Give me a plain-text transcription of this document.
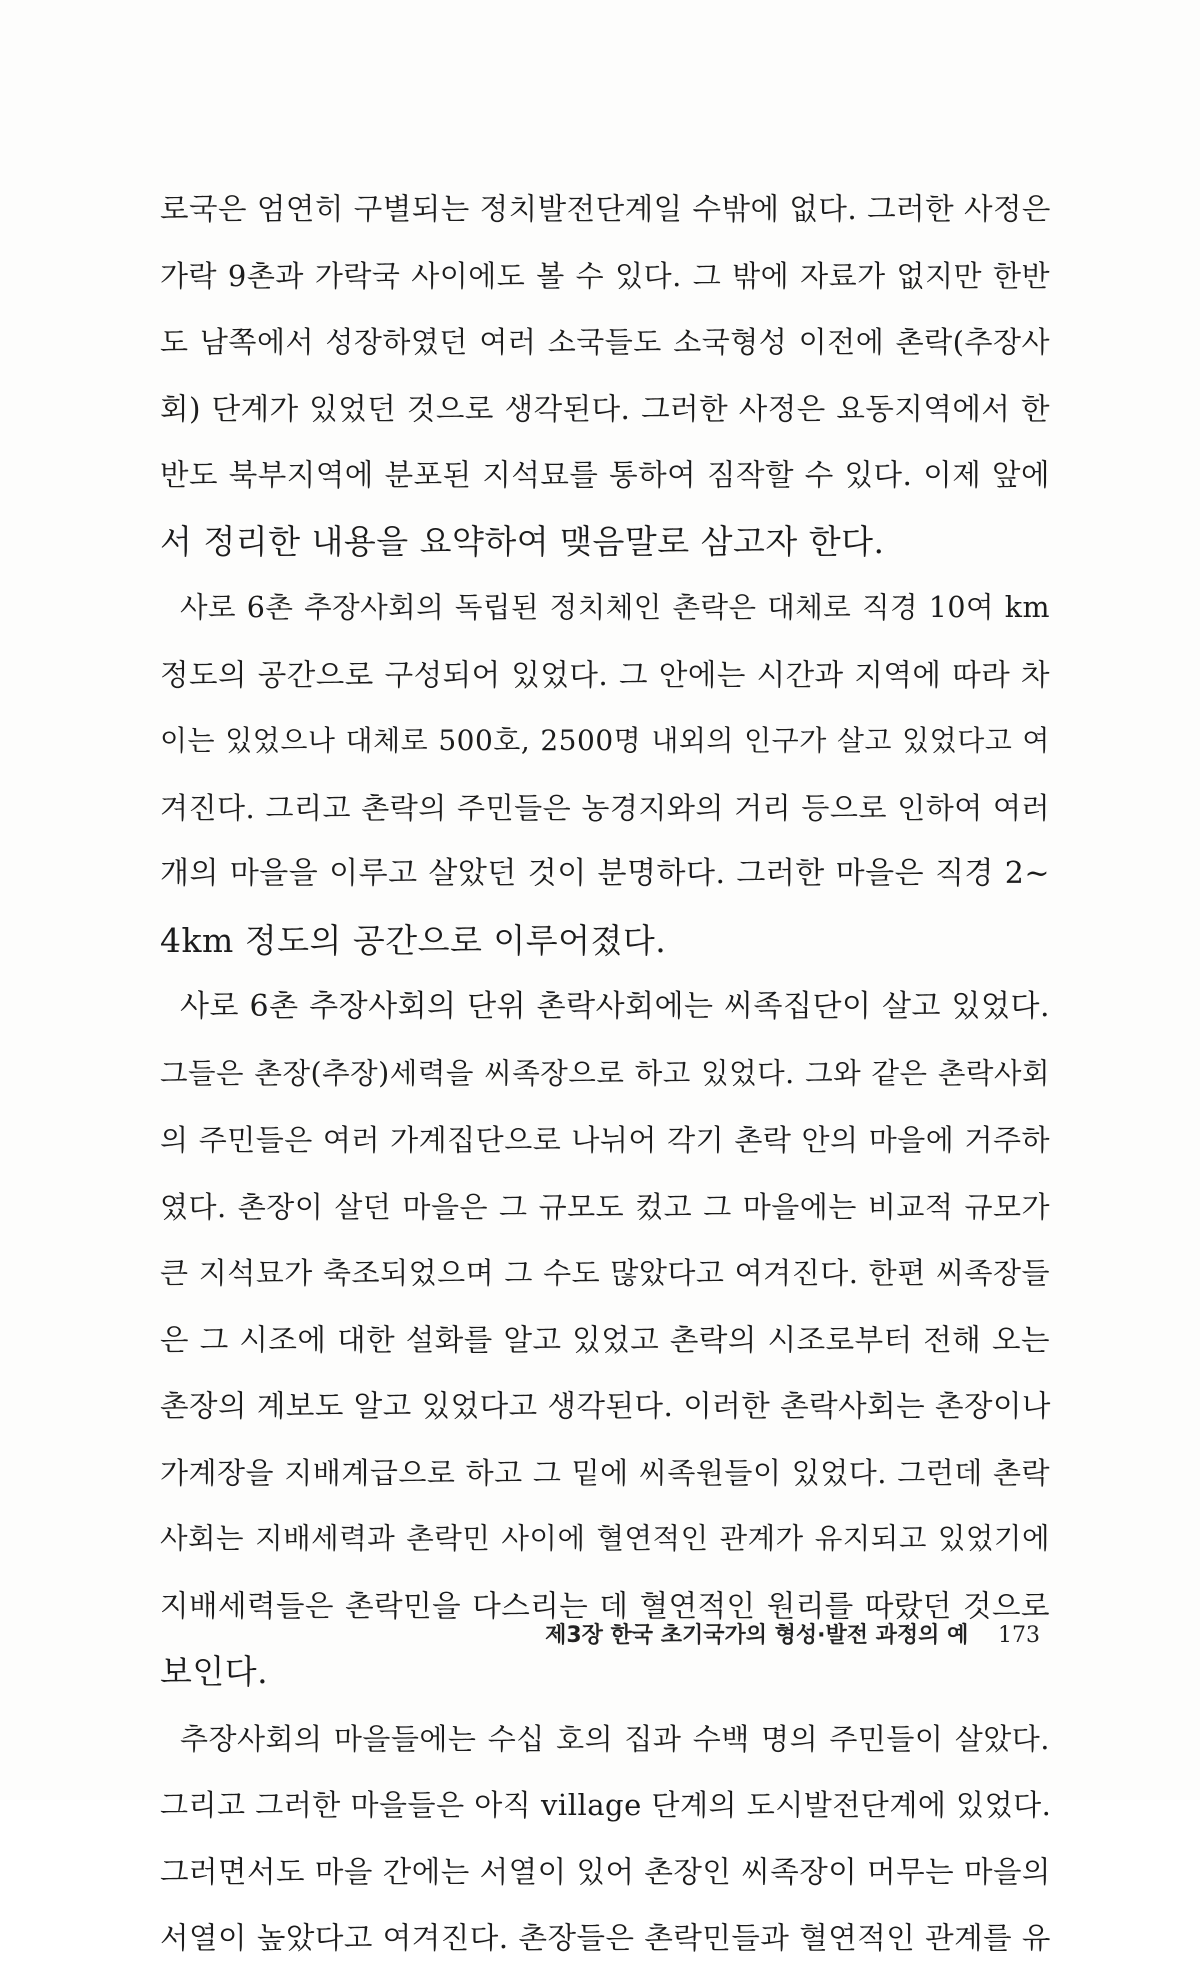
로국은 엄연히 구별되는 정치발전단계일 수밖에 없다. 그러한 사정은
가락 9촌과 가락국 사이에도 볼 수 있다. 그 밖에 자료가 없지만 한반
도 남쪽에서 성장하였던 여러 소국들도 소국형성 이전에 촌락(추장사
회) 단계가 있었던 것으로 생각된다. 그러한 사정은 요동지역에서 한
반도 북부지역에 분포된 지석묘를 통하여 짐작할 수 있다. 이제 앞에
서 정리한 내용을 요약하여 맺음말로 삼고자 한다.
사로 6촌 추장사회의 독립된 정치체인 촌락은 대체로 직경 10여 km
정도의 공간으로 구성되어 있었다. 그 안에는 시간과 지역에 따라 차
이는 있었으나 대체로 500호, 2500명 내외의 인구가 살고 있었다고 여
겨진다. 그리고 촌락의 주민들은 농경지와의 거리 등으로 인하여 여러
개의 마을을 이루고 살았던 것이 분명하다. 그러한 마을은 직경 2~
4km 정도의 공간으로 이루어졌다.
사로 6촌 추장사회의 단위 촌락사회에는 씨족집단이 살고 있었다.
그들은 촌장(추장)세력을 씨족장으로 하고 있었다. 그와 같은 촌락사회
의 주민들은 여러 가계집단으로 나뉘어 각기 촌락 안의 마을에 거주하
였다. 촌장이 살던 마을은 그 규모도 컸고 그 마을에는 비교적 규모가
큰 지석묘가 축조되었으며 그 수도 많았다고 여겨진다. 한편 씨족장들
은 그 시조에 대한 설화를 알고 있었고 촌락의 시조로부터 전해 오는
촌장의 계보도 알고 있었다고 생각된다. 이러한 촌락사회는 촌장이나
가계장을 지배계급으로 하고 그 밑에 씨족원들이 있었다. 그런데 촌락
사회는 지배세력과 촌락민 사이에 혈연적인 관계가 유지되고 있었기에
지배세력들은 촌락민을 다스리는 데 혈연적인 원리를 따랐던 것으로
보인다.
추장사회의 마을들에는 수십 호의 집과 수백 명의 주민들이 살았다.
그리고 그러한 마을들은 아직 village 단계의 도시발전단계에 있었다.
그러면서도 마을 간에는 서열이 있어 촌장인 씨족장이 머무는 마을의
서열이 높았다고 여겨진다. 촌장들은 촌락민들과 혈연적인 관계를 유
제3장 한국 초기국가의 형성·발전 과정의 예 173
